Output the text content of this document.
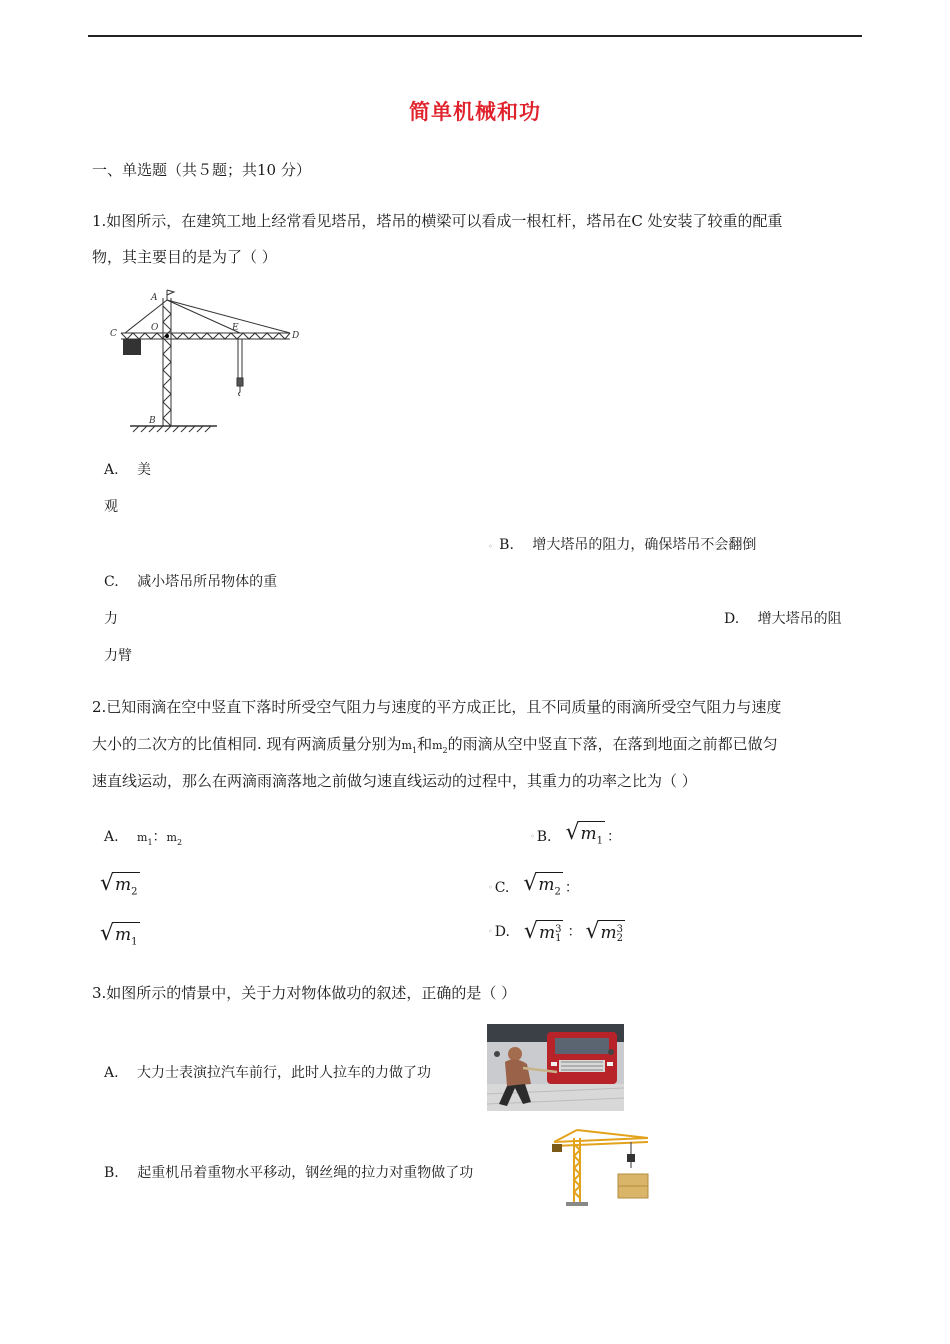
简单机械和功
一、单选题（共５题；共10 分）
1.如图所示，在建筑工地上经常看见塔吊，塔吊的横梁可以看成一根杠杆，塔吊在C 处安装了较重的配重
物，其主要目的是为了（ ）
A
C
O	E
D
B
A. 美
观
◦ B. 增大塔吊的阻力，确保塔吊不会翻倒
C. 减小塔吊所吊物体的重
力	D. 增大塔吊的阻
力臂
2.已知雨滴在空中竖直下落时所受空气阻力与速度的平方成正比，且不同质量的雨滴所受空气阻力与速度
大小的二次方的比值相同. 现有两滴质量分别为$m_1$和$m_2$的雨滴从空中竖直下落，在落到地面之前都已做匀
速直线运动，那么在两滴雨滴落地之前做匀速直线运动的过程中，其重力的功率之比为（ ）
A. $m_1$：$m_2$
◦ B. √ $m_1$ ：
√ $m_2$	◦ C. √ $m_2$ ：
√ $m_1$
◦ D. √ m 3
1 ： √ m 3
2
3.如图所示的情景中，关于力对物体做功的叙述，正确的是（ ）
A. 大力士表演拉汽车前行，此时人拉车的力做了功
B. 起重机吊着重物水平移动，钢丝绳的拉力对重物做了功
